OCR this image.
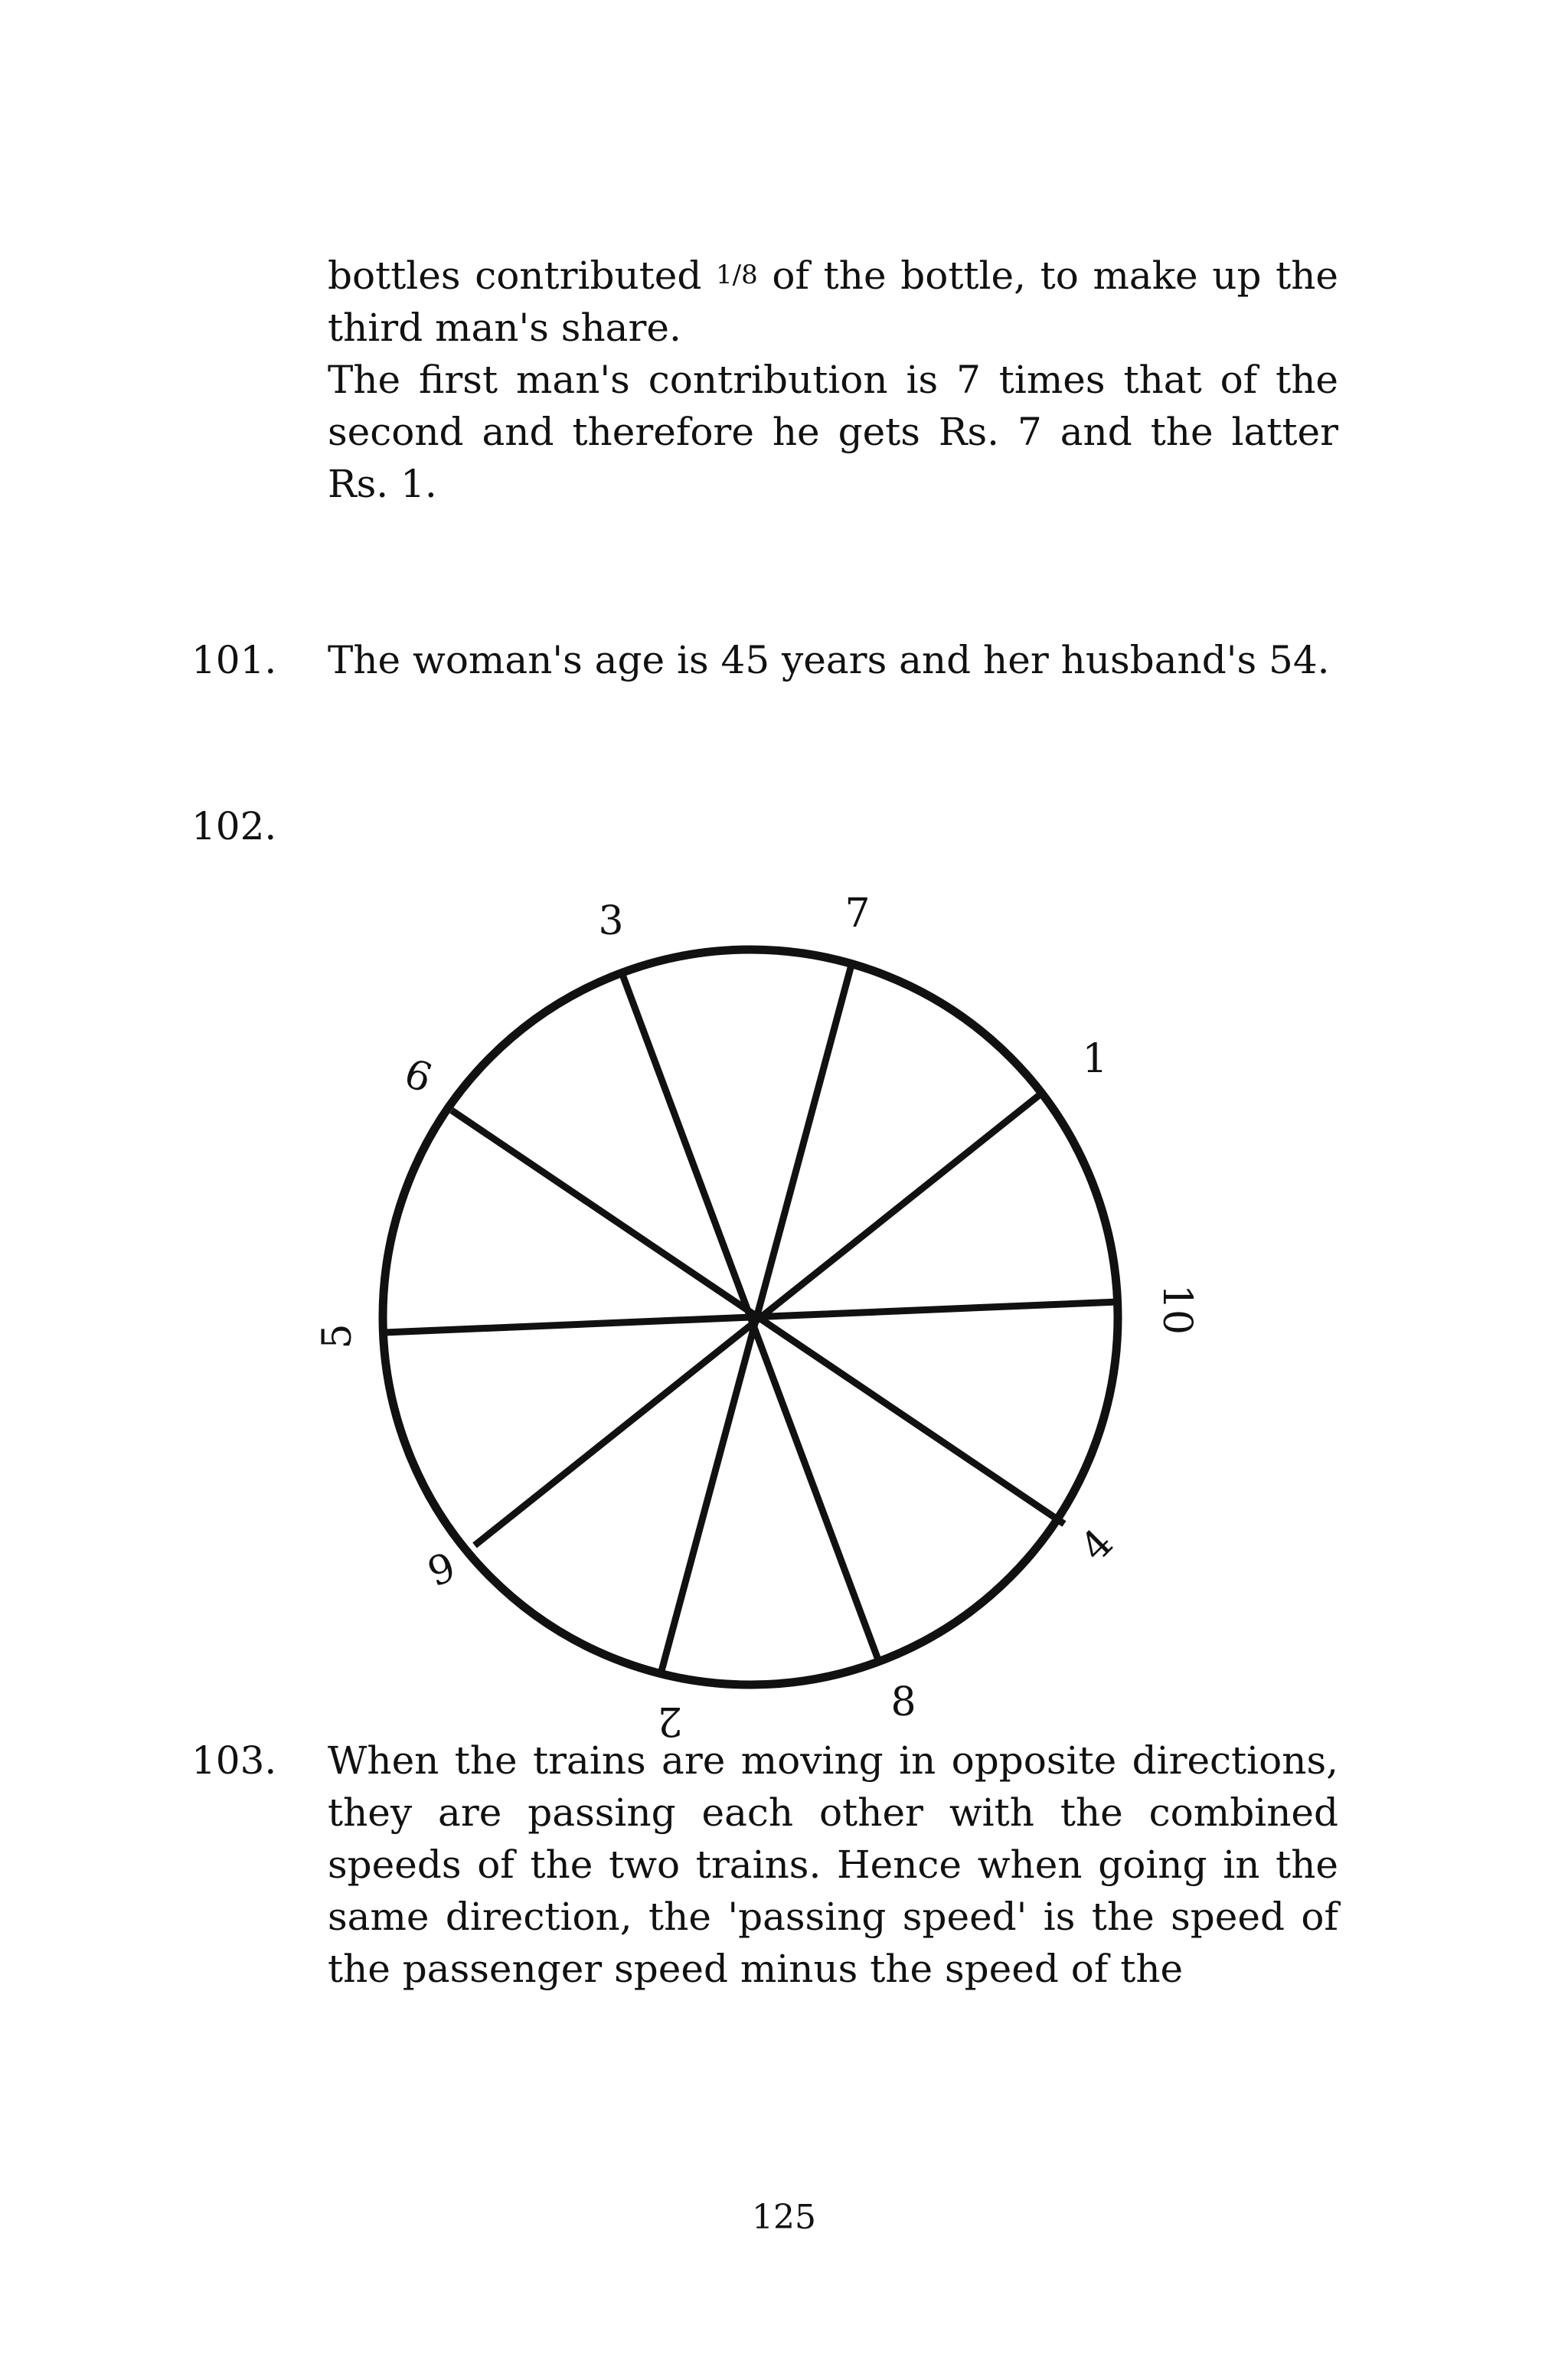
bottles contributed 1/8 of the bottle, to make up the third man's share.

The first man's contribution is 7 times that of the second and therefore he gets Rs. 7 and the latter Rs. 1.

101. The woman's age is 45 years and her husband's 54.
102.
3	7
1
10
4
8
2
6
5
9
103. When the trains are moving in opposite directions, they are passing each other with the combined speeds of the two trains. Hence when going in the same direction, the 'passing speed' is the speed of the passenger speed minus the speed of the
125
